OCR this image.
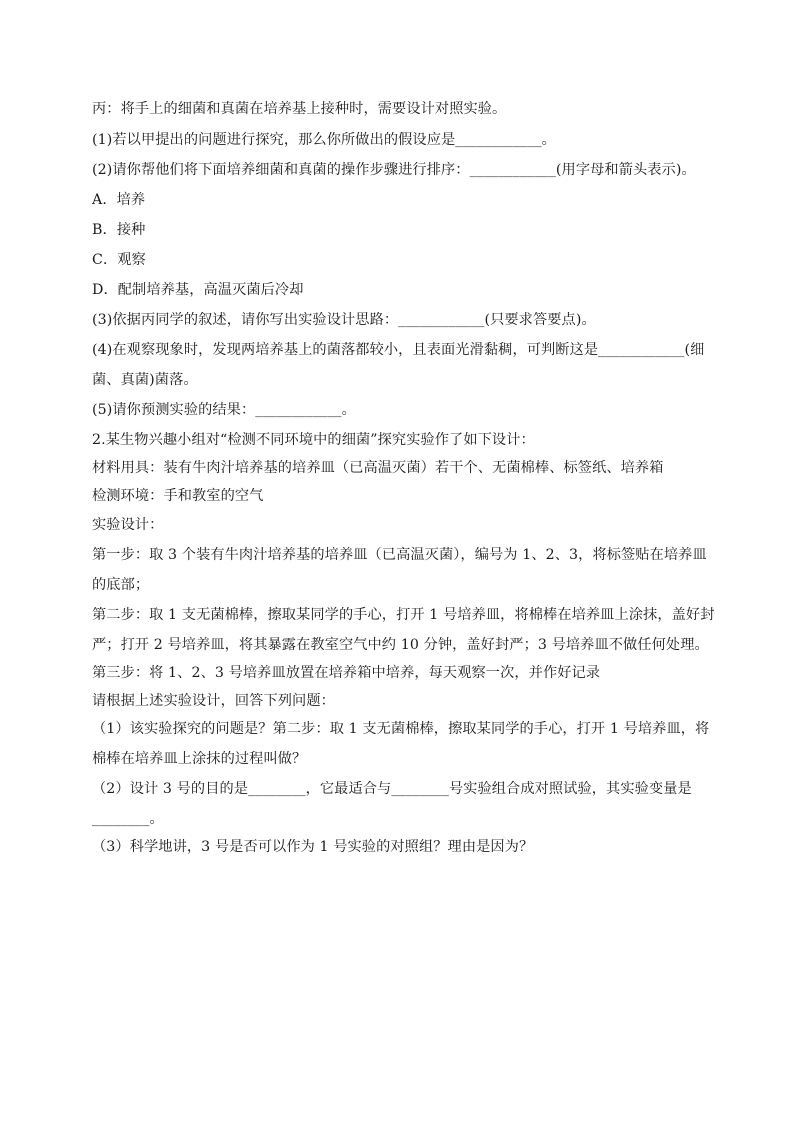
丙：将手上的细菌和真菌在培养基上接种时，需要设计对照实验。
(1)若以甲提出的问题进行探究，那么你所做出的假设应是____________。
(2)请你帮他们将下面培养细菌和真菌的操作步骤进行排序：____________(用字母和箭头表示)。
A．培养
B．接种
C．观察
D．配制培养基，高温灭菌后冷却
(3)依据丙同学的叙述，请你写出实验设计思路：____________(只要求答要点)。
(4)在观察现象时，发现两培养基上的菌落都较小，且表面光滑黏稠，可判断这是____________(细
菌、真菌)菌落。
(5)请你预测实验的结果：____________。
2.某生物兴趣小组对“检测不同环境中的细菌”探究实验作了如下设计：
材料用具：装有牛肉汁培养基的培养皿（已高温灭菌）若干个、无菌棉棒、标签纸、培养箱
检测环境：手和教室的空气
实验设计：
第一步：取 3 个装有牛肉汁培养基的培养皿（已高温灭菌），编号为 1、2、3，将标签贴在培养皿
的底部；
第二步：取 1 支无菌棉棒，擦取某同学的手心，打开 1 号培养皿，将棉棒在培养皿上涂抹，盖好封
严；打开 2 号培养皿，将其暴露在教室空气中约 10 分钟，盖好封严；3 号培养皿不做任何处理。
第三步：将 1、2、3 号培养皿放置在培养箱中培养，每天观察一次，并作好记录
请根据上述实验设计，回答下列问题：
（1）该实验探究的问题是？第二步：取 1 支无菌棉棒，擦取某同学的手心，打开 1 号培养皿，将
棉棒在培养皿上涂抹的过程叫做？
（2）设计 3 号的目的是________，它最适合与________号实验组合成对照试验，其实验变量是
________。
（3）科学地讲，3 号是否可以作为 1 号实验的对照组？理由是因为？
